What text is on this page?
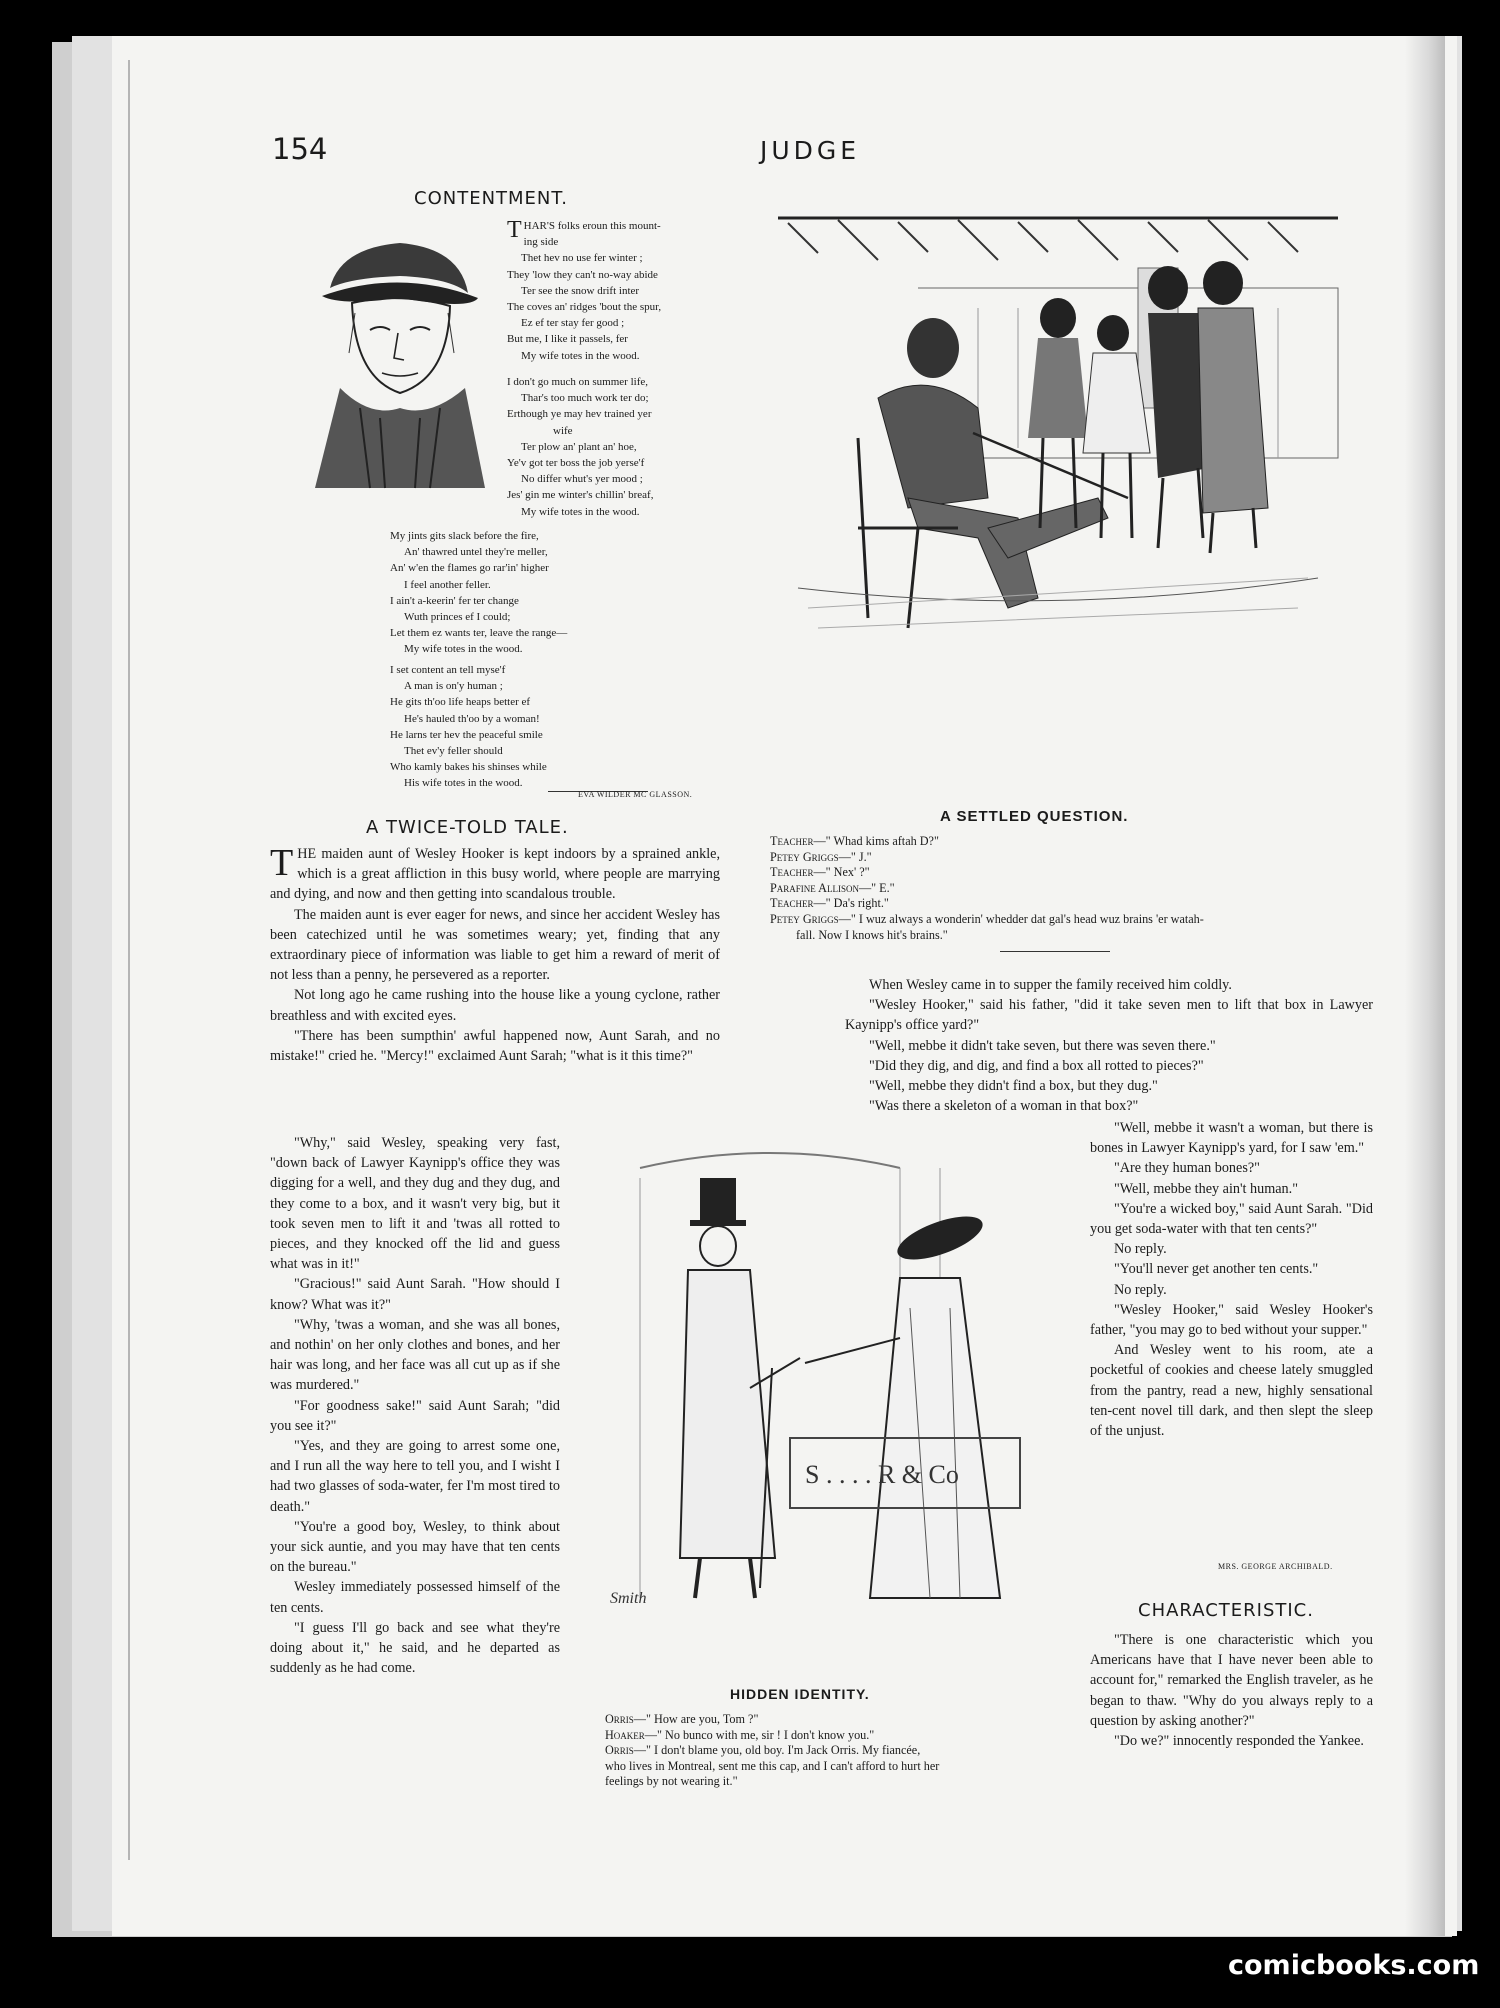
154	JUDGE
CONTENTMENT.
THAR'S folks eroun this mount-
ing side
Thet hev no use fer winter ;
They 'low they can't no-way abide
Ter see the snow drift inter
The coves an' ridges 'bout the spur,
Ez ef ter stay fer good ;
But me, I like it passels, fer
My wife totes in the wood.
I don't go much on summer life,
Thar's too much work ter do;
Erthough ye may hev trained yer
wife
Ter plow an' plant an' hoe,
Ye'v got ter boss the job yerse'f
No differ whut's yer mood ;
Jes' gin me winter's chillin' breaf,
My wife totes in the wood.
My jints gits slack before the fire,
An' thawred untel they're meller,
An' w'en the flames go rar'in' higher
I feel another feller.
I ain't a-keerin' fer ter change
Wuth princes ef I could;
Let them ez wants ter, leave the range—
My wife totes in the wood.
I set content an tell myse'f
A man is on'y human ;
He gits th'oo life heaps better ef
He's hauled th'oo by a woman!
He larns ter hev the peaceful smile
Thet ev'y feller should
Who kamly bakes his shinses while
His wife totes in the wood.
EVA WILDER MC GLASSON.
A SETTLED QUESTION.
Teacher—" Whad kims aftah D?"
Petey Griggs—" J."
Teacher—" Nex' ?"
Parafine Allison—" E."
Teacher—" Da's right."
Petey Griggs—" I wuz always a wonderin' whedder dat gal's head wuz brains 'er watah-
fall. Now I knows hit's brains."
A TWICE-TOLD TALE.

THE maiden aunt of Wesley Hooker is kept indoors by a sprained ankle, which is a great affliction in this busy world, where people are marrying and dying, and now and then getting into scandalous trouble.

The maiden aunt is ever eager for news, and since her accident Wesley has been catechized until he was sometimes weary; yet, finding that any extraordinary piece of information was liable to get him a reward of merit of not less than a penny, he persevered as a reporter.

Not long ago he came rushing into the house like a young cyclone, rather breathless and with excited eyes.

"There has been sumpthin' awful happened now, Aunt Sarah, and no mistake!" cried he. "Mercy!" exclaimed Aunt Sarah; "what is it this time?"

"Why," said Wesley, speaking very fast, "down back of Lawyer Kaynipp's office they was digging for a well, and they dug and they dug, and they come to a box, and it wasn't very big, but it took seven men to lift it and 'twas all rotted to pieces, and they knocked off the lid and guess what was in it!"

"Gracious!" said Aunt Sarah. "How should I know? What was it?"

"Why, 'twas a woman, and she was all bones, and nothin' on her only clothes and bones, and her hair was long, and her face was all cut up as if she was murdered."

"For goodness sake!" said Aunt Sarah; "did you see it?"

"Yes, and they are going to arrest some one, and I run all the way here to tell you, and I wisht I had two glasses of soda-water, fer I'm most tired to death."

"You're a good boy, Wesley, to think about your sick auntie, and you may have that ten cents on the bureau."

Wesley immediately possessed himself of the ten cents.

"I guess I'll go back and see what they're doing about it," he said, and he departed as suddenly as he had come.

When Wesley came in to supper the family received him coldly.

"Wesley Hooker," said his father, "did it take seven men to lift that box in Lawyer Kaynipp's office yard?"

"Well, mebbe it didn't take seven, but there was seven there."

"Did they dig, and dig, and find a box all rotted to pieces?"

"Well, mebbe they didn't find a box, but they dug."

"Was there a skeleton of a woman in that box?"

"Well, mebbe it wasn't a woman, but there is bones in Lawyer Kaynipp's yard, for I saw 'em."

"Are they human bones?"

"Well, mebbe they ain't human."

"You're a wicked boy," said Aunt Sarah. "Did you get soda-water with that ten cents?"

No reply.

"You'll never get another ten cents."

No reply.

"Wesley Hooker," said Wesley Hooker's father, "you may go to bed without your supper."

And Wesley went to his room, ate a pocketful of cookies and cheese lately smuggled from the pantry, read a new, highly sensational ten-cent novel till dark, and then slept the sleep of the unjust.

MRS. GEORGE ARCHIBALD.
S . . . . R & Co
Smith
HIDDEN IDENTITY.
Orris—" How are you, Tom ?"
Hoaker—" No bunco with me, sir ! I don't know you."
Orris—" I don't blame you, old boy. I'm Jack Orris. My fiancée,
who lives in Montreal, sent me this cap, and I can't afford to hurt her
feelings by not wearing it."
CHARACTERISTIC.

"There is one characteristic which you Americans have that I have never been able to account for," remarked the English traveler, as he began to thaw. "Why do you always reply to a question by asking another?"

"Do we?" innocently responded the Yankee.

comicbooks.com
